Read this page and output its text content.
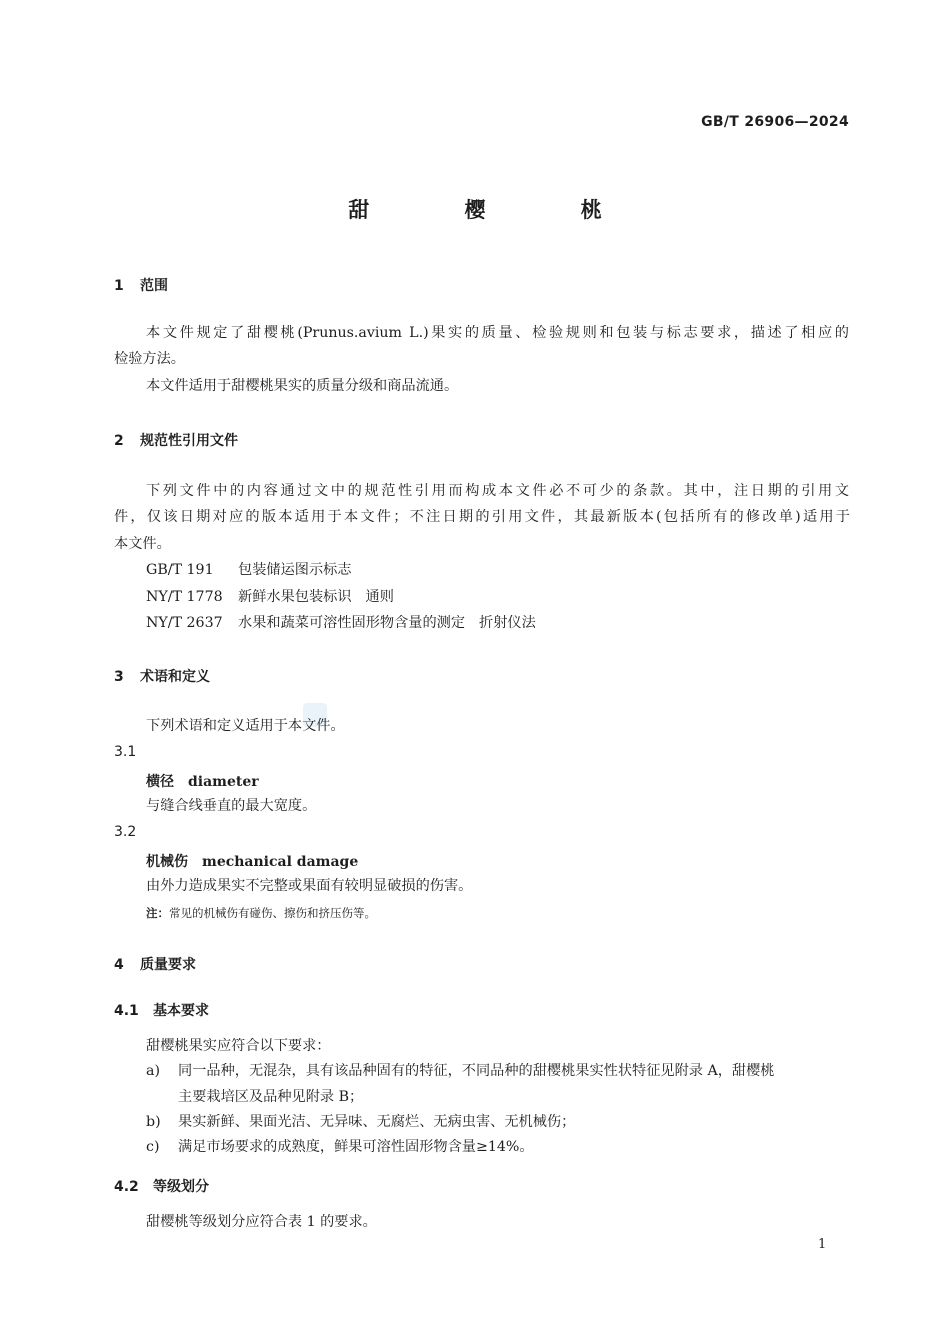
GB/T 26906—2024
甜 樱 桃
1 范围
本文件规定了甜樱桃(Prunus.avium L.)果实的质量、检验规则和包装与标志要求，描述了相应的
检验方法。
本文件适用于甜樱桃果实的质量分级和商品流通。
2 规范性引用文件
下列文件中的内容通过文中的规范性引用而构成本文件必不可少的条款。其中，注日期的引用文
件，仅该日期对应的版本适用于本文件；不注日期的引用文件，其最新版本(包括所有的修改单)适用于
本文件。
GB/T 191 包装储运图示标志
NY/T 1778 新鲜水果包装标识 通则
NY/T 2637 水果和蔬菜可溶性固形物含量的测定 折射仪法
3 术语和定义
下列术语和定义适用于本文件。
3.1
横径 diameter
与缝合线垂直的最大宽度。
3.2
机械伤 mechanical damage
由外力造成果实不完整或果面有较明显破损的伤害。
注：常见的机械伤有碰伤、擦伤和挤压伤等。
4 质量要求
4.1 基本要求
甜樱桃果实应符合以下要求：
a) 同一品种，无混杂，具有该品种固有的特征，不同品种的甜樱桃果实性状特征见附录 A，甜樱桃
主要栽培区及品种见附录 B；
b) 果实新鲜、果面光洁、无异味、无腐烂、无病虫害、无机械伤；
c) 满足市场要求的成熟度，鲜果可溶性固形物含量≥14%。
4.2 等级划分
甜樱桃等级划分应符合表 1 的要求。
1
